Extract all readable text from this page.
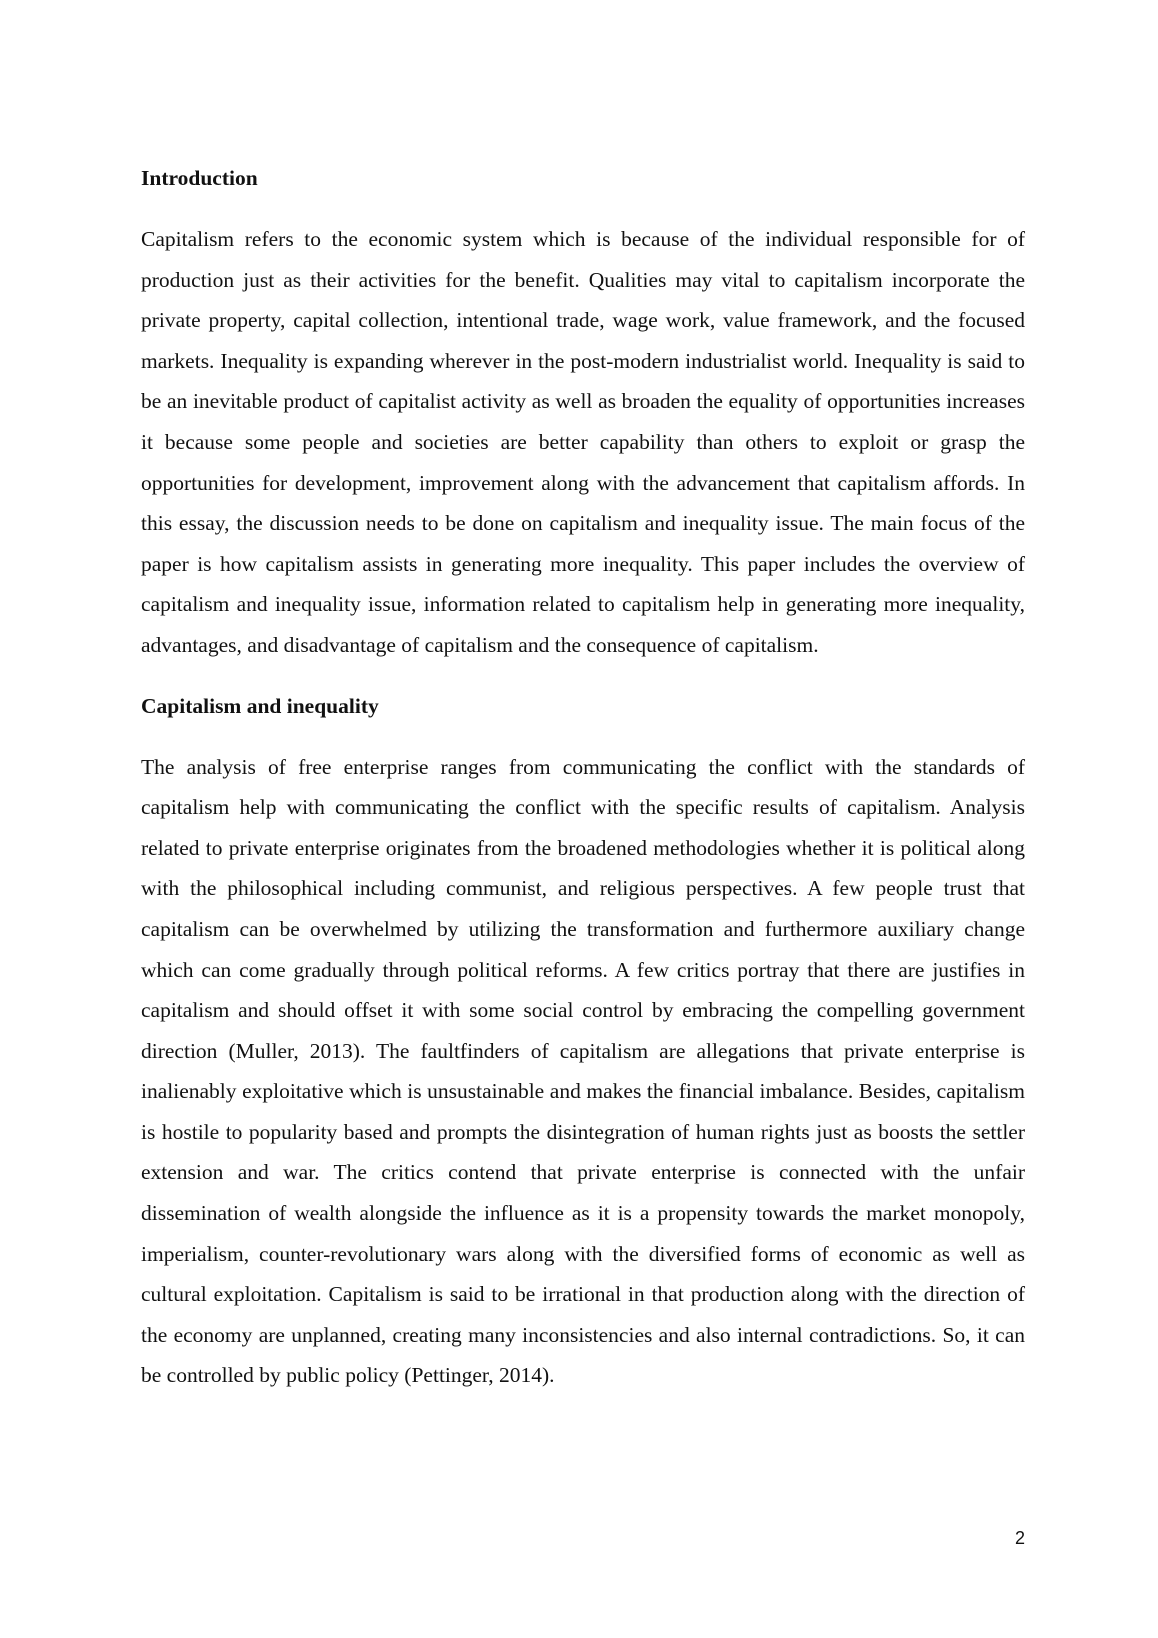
Introduction

Capitalism refers to the economic system which is because of the individual responsible for of production just as their activities for the benefit. Qualities may vital to capitalism incorporate the private property, capital collection, intentional trade, wage work, value framework, and the focused markets. Inequality is expanding wherever in the post-modern industrialist world. Inequality is said to be an inevitable product of capitalist activity as well as broaden the equality of opportunities increases it because some people and societies are better capability than others to exploit or grasp the opportunities for development, improvement along with the advancement that capitalism affords. In this essay, the discussion needs to be done on capitalism and inequality issue. The main focus of the paper is how capitalism assists in generating more inequality. This paper includes the overview of capitalism and inequality issue, information related to capitalism help in generating more inequality, advantages, and disadvantage of capitalism and the consequence of capitalism.

Capitalism and inequality

The analysis of free enterprise ranges from communicating the conflict with the standards of capitalism help with communicating the conflict with the specific results of capitalism. Analysis related to private enterprise originates from the broadened methodologies whether it is political along with the philosophical including communist, and religious perspectives. A few people trust that capitalism can be overwhelmed by utilizing the transformation and furthermore auxiliary change which can come gradually through political reforms. A few critics portray that there are justifies in capitalism and should offset it with some social control by embracing the compelling government direction (Muller, 2013). The faultfinders of capitalism are allegations that private enterprise is inalienably exploitative which is unsustainable and makes the financial imbalance. Besides, capitalism is hostile to popularity based and prompts the disintegration of human rights just as boosts the settler extension and war. The critics contend that private enterprise is connected with the unfair dissemination of wealth alongside the influence as it is a propensity towards the market monopoly, imperialism, counter-revolutionary wars along with the diversified forms of economic as well as cultural exploitation. Capitalism is said to be irrational in that production along with the direction of the economy are unplanned, creating many inconsistencies and also internal contradictions. So, it can be controlled by public policy (Pettinger, 2014).

2
